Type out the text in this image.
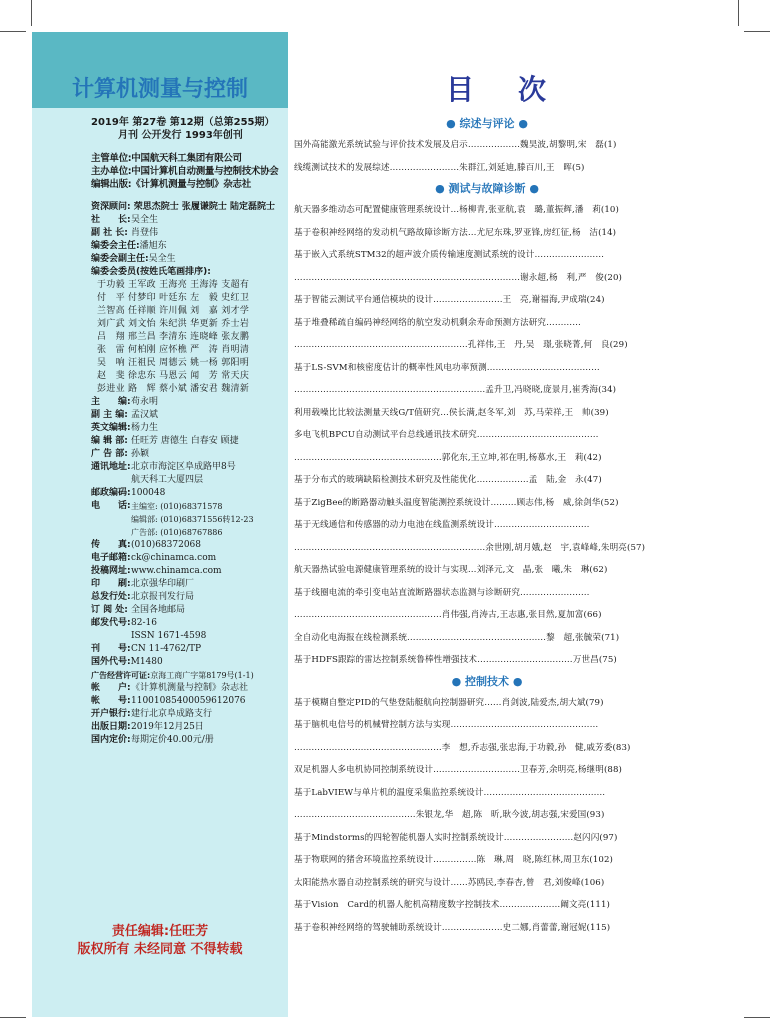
计算机测量与控制
2019年 第27卷 第12期（总第255期）
月刊 公开发行 1993年创刊
主管单位:中国航天科工集团有限公司
主办单位:中国计算机自动测量与控制技术协会
编辑出版:《计算机测量与控制》杂志社
资深顾问: 荣思杰院士 张履谦院士 陆定磊院士
社　　长: 吴全生
副 社 长: 肖登伟
编委会主任: 潘旭东
编委会副主任: 吴全生
编委会委员(按姓氏笔画排序):
于功毅 王军政 王海亮 王海涛 支超有
付　平 付梦印 叶廷东 左　毅 史红卫
兰智高 任祥顺 许川佩 刘　嘉 刘才学
刘广武 刘文怡 朱纪洪 华更新 乔士岩
吕　翔 邢兰昌 李清东 连晓峰 张友鹏
张　雷 何柏刚 应怀樵 严　涛 肖明清
吴　响 汪祖民 周德云 姚一杨 郭阳明
赵　斐 徐忠东 马恩云 闻　芳 常天庆
彭进业 路　辉 蔡小斌 潘安君 魏清新
主　　编: 苟永明
副 主 编: 孟汉斌
英文编辑: 杨力生
编 辑 部: 任旺芳 唐德生 白春安 顾捷
广 告 部: 孙颖
通讯地址: 北京市海淀区阜成路甲8号
航天科工大厦四层
邮政编码: 100048
电　　话: 主编室: (010)68371578
编辑部: (010)68371556转12-23
广告部: (010)68767886
传　　真: (010)68372068
电子邮箱: ck@chinamca.com
投稿网址: www.chinamca.com
印　　刷: 北京强华印刷厂
总发行处: 北京报刊发行局
订 阅 处: 全国各地邮局
邮发代号: 82-16
ISSN 1671-4598
刊　　号: CN 11-4762/TP
国外代号: M1480
广告经营许可证: 京海工商广字第8179号(1-1)
帐　　户: 《计算机测量与控制》杂志社
帐　　号: 11001085400059612076
开户银行: 建行北京阜成路支行
出版日期: 2019年12月25日
国内定价: 每期定价40.00元/册
责任编辑:任旺芳
版权所有 未经同意 不得转载
目次
● 综述与评论 ●
国外高能激光系统试验与评价技术发展及启示………………魏昊波,胡黎明,宋　磊(1)
线缆测试技术的发展综述……………………朱群江,刘延迪,滕百川,王　晖(5)
● 测试与故障诊断 ●
航天器多维动态可配置健康管理系统设计…杨柳青,张亚航,袁　璐,董振辉,潘　莉(10)
基于卷积神经网络的发动机气路故障诊断方法…尤尼东珠,罗亚锋,房红征,杨　洁(14)
基于嵌入式系统STM32的超声波介质传输速度测试系统的设计……………………
……………………………………………………………………谢永超,杨　利,严　俊(20)
基于智能云测试平台通信模块的设计……………………王　亮,谢福海,尹成瑞(24)
基于堆叠稀疏自编码神经网络的航空发动机剩余寿命预测方法研究…………
……………………………………………………孔祥伟,王　丹,吴　璟,张晓菁,何　良(29)
基于LS-SVM和核密度估计的概率性风电功率预测…………………………………
…………………………………………………………孟升卫,冯晓晓,庞景月,崔秀海(34)
利用载噪比比较法测量天线G/T值研究…侯长满,赵冬军,刘　苏,马荣祥,王　帅(39)
多电飞机BPCU自动测试平台总线通讯技术研究……………………………………
……………………………………………郭化东,王立坤,祁在明,杨慕水,王　莉(42)
基于分布式的玻璃缺陷检测技术研究及性能优化………………孟　陆,金　永(47)
基于ZigBee的断路器动触头温度智能测控系统设计………顾志伟,杨　威,徐剑华(52)
基于无线通信和传感器的动力电池在线监测系统设计……………………………
…………………………………………………………余世刚,胡月娥,赵　宇,袁峰峰,朱明亮(57)
航天器热试验电源健康管理系统的设计与实现…刘泽元,文　晶,张　曦,朱　琳(62)
基于线圈电流的牵引变电站直流断路器状态监测与诊断研究……………………
……………………………………………肖伟强,肖涛古,王志惠,张目然,夏加富(66)
全自动化电海报在线检测系统…………………………………………黎　超,张毓荣(71)
基于HDFS跟踪的雷达控制系统鲁棒性增强技术……………………………万世昌(75)
● 控制技术 ●
基于模糊自整定PID的气垫登陆艇航向控制器研究……肖剑波,陆爱杰,胡大斌(79)
基于脑机电信号的机械臂控制方法与实现……………………………………………
……………………………………………李　想,乔志强,张忠海,于功毅,孙　健,戚芳委(83)
双足机器人多电机协同控制系统设计…………………………卫春芳,余明亮,杨继明(88)
基于LabVIEW与单片机的温度采集监控系统设计……………………………………
……………………………………朱银龙,华　超,陈　昕,耿今波,胡志强,宋爱国(93)
基于Mindstorms的四轮智能机器人实时控制系统设计……………………赵闪闪(97)
基于物联网的猪舍环境监控系统设计……………陈　琳,周　晓,陈红林,周卫东(102)
太阳能热水器自动控制系统的研究与设计……苏鸥民,李春杏,曾　君,刘俊峰(106)
基于Vision　Card的机器人舵机高精度数字控制技术…………………阚文亮(111)
基于卷积神经网络的驾驶辅助系统设计…………………史二娜,肖蕾蕾,谢冠妮(115)
